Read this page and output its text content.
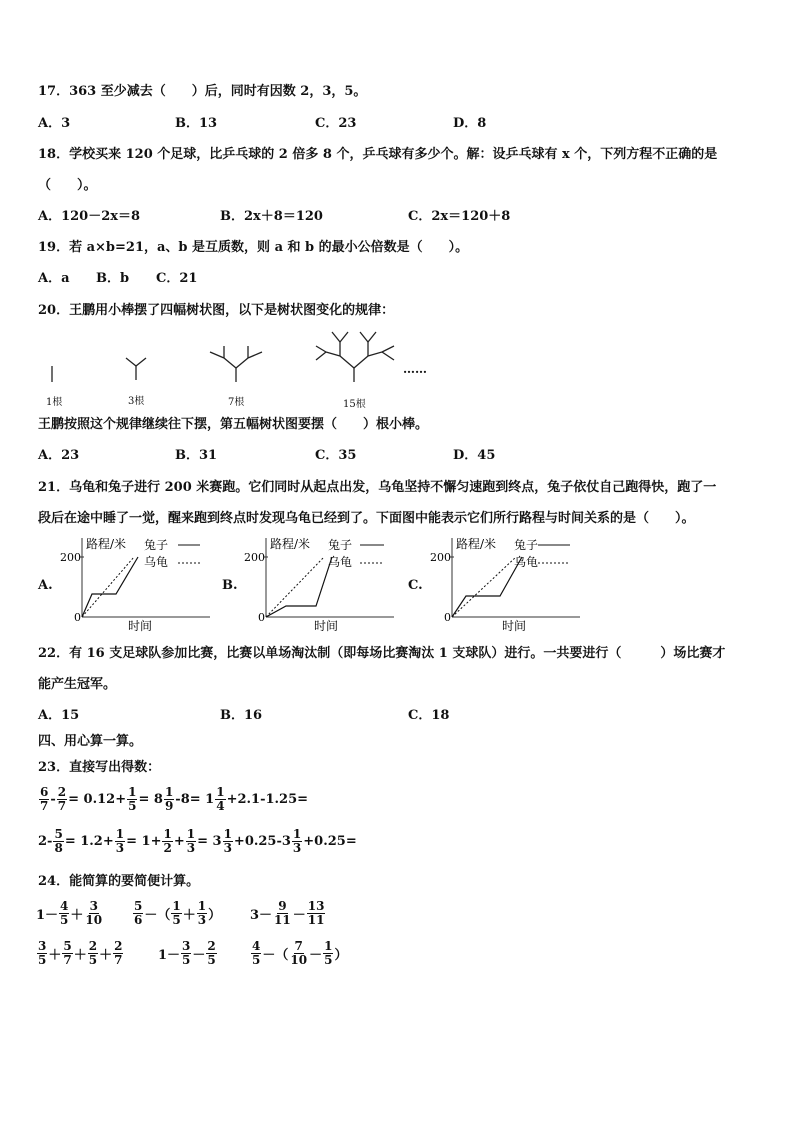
17．363 至少减去（　　）后，同时有因数 2，3，5。
A．3	B．13	C．23	D．8
18．学校买来 120 个足球，比乒乓球的 2 倍多 8 个，乒乓球有多少个。解：设乒乓球有 x 个，下列方程不正确的是
（　　）。
A．120－2x＝8	B．2x＋8＝120	C．2x＝120＋8
19．若 a×b=21，a、b 是互质数，则 a 和 b 的最小公倍数是（　　）。
A．a B．b C．21
20．王鹏用小棒摆了四幅树状图，以下是树状图变化的规律：
1根	3根	7根	15根
……
王鹏按照这个规律继续往下摆，第五幅树状图要摆（　　）根小棒。
A．23	B．31	C．35	D．45
21．乌龟和兔子进行 200 米赛跑。它们同时从起点出发，乌龟坚持不懈匀速跑到终点，兔子依仗自己跑得快，跑了一
段后在途中睡了一觉，醒来跑到终点时发现乌龟已经到了。下面图中能表示它们所行路程与时间关系的是（　　）。
A.	B.	C.
路程/米 兔子
乌龟
200
0
时间
路程/米 兔子
乌龟
200
0
时间
路程/米 兔子
乌龟
200
0
时间
22．有 16 支足球队参加比赛，比赛以单场淘汰制（即每场比赛淘汰 1 支球队）进行。一共要进行（　　　）场比赛才
能产生冠军。
A．15	B．16	C．18
四、用心算一算。
23．直接写出得数：
$\frac{6}{7} - \frac{2}{7} = 0.12+ \frac{1}{5} = 8 \frac{1}{9} -8= 1 \frac{1}{4} +2.1-1.25=$
$2- \frac{5}{8} = 1.2+ \frac{1}{3} = 1+ \frac{1}{2} + \frac{1}{3} = 3 \frac{1}{3} +0.25-3 \frac{1}{3} +0.25=$
24．能简算的要简便计算。
$1- \frac{4}{5} + \frac{3}{10} \frac{5}{6}$ －（ $\frac{1}{5} + \frac{1}{3}$ ） $3- \frac{9}{11} - \frac{13}{11}$
$\frac{3}{5} + \frac{5}{7} + \frac{2}{5} + \frac{2}{7}$	$1- \frac{3}{5} - \frac{2}{5}$	$\frac{4}{5}$ －（ $\frac{7}{10} - \frac{1}{5}$ ）
